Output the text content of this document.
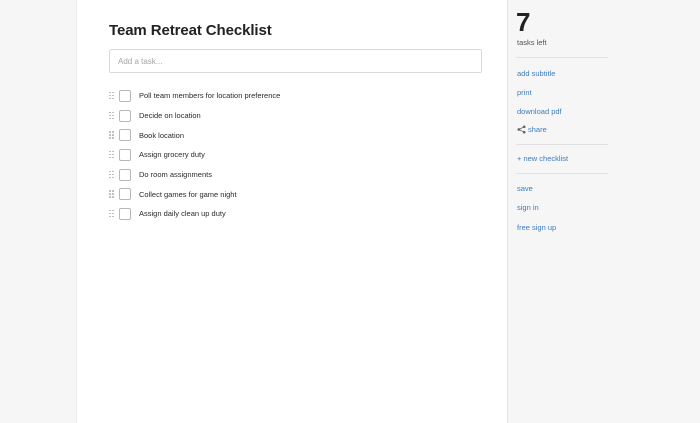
Team Retreat Checklist
Add a task...
Poll team members for location preference
Decide on location
Book location
Assign grocery duty
Do room assignments
Collect games for game night
Assign daily clean up duty
7
tasks left
add subtitle
print
download pdf
share
+ new checklist
save
sign in
free sign up
